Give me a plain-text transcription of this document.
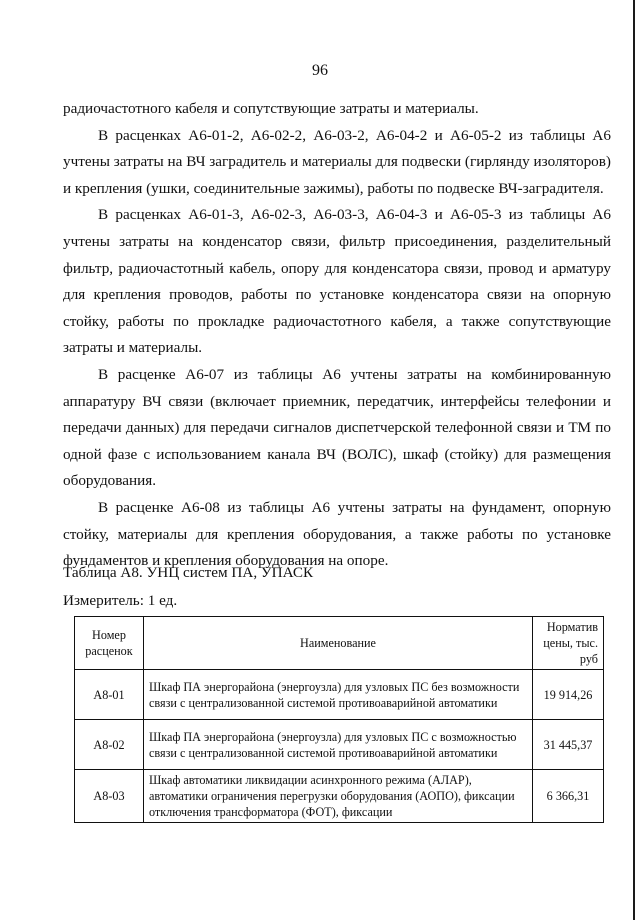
96

радиочастотного кабеля и сопутствующие затраты и материалы.

В расценках А6-01-2, А6-02-2, А6-03-2, А6-04-2 и А6-05-2 из таблицы А6 учтены затраты на ВЧ заградитель и материалы для подвески (гирлянду изоляторов) и крепления (ушки, соединительные зажимы), работы по подвеске ВЧ-заградителя.

В расценках А6-01-3, А6-02-3, А6-03-3, А6-04-3 и А6-05-3 из таблицы А6 учтены затраты на конденсатор связи, фильтр присоединения, разделительный фильтр, радиочастотный кабель, опору для конденсатора связи, провод и арматуру для крепления проводов, работы по установке конденсатора связи на опорную стойку, работы по прокладке радиочастотного кабеля, а также сопутствующие затраты и материалы.

В расценке А6-07 из таблицы А6 учтены затраты на комбинированную аппаратуру ВЧ связи (включает приемник, передатчик, интерфейсы телефонии и передачи данных) для передачи сигналов диспетчерской телефонной связи и ТМ по одной фазе с использованием канала ВЧ (ВОЛС), шкаф (стойку) для размещения оборудования.

В расценке А6-08 из таблицы А6 учтены затраты на фундамент, опорную стойку, материалы для крепления оборудования, а также работы по установке фундаментов и крепления оборудования на опоре.

Таблица А8. УНЦ систем ПА, УПАСК
Измеритель: 1 ед.
Номер расценок	Наименование	Норматив цены, тыс. руб
А8-01	Шкаф ПА энергорайона (энергоузла) для узловых ПС без возможности связи с централизованной системой противоаварийной автоматики	19 914,26
А8-02	Шкаф ПА энергорайона (энергоузла) для узловых ПС с возможностью связи с централизованной системой противоаварийной автоматики	31 445,37
А8-03	Шкаф автоматики ликвидации асинхронного режима (АЛАР), автоматики ограничения перегрузки оборудования (АОПО), фиксации отключения трансформатора (ФОТ), фиксации	6 366,31
